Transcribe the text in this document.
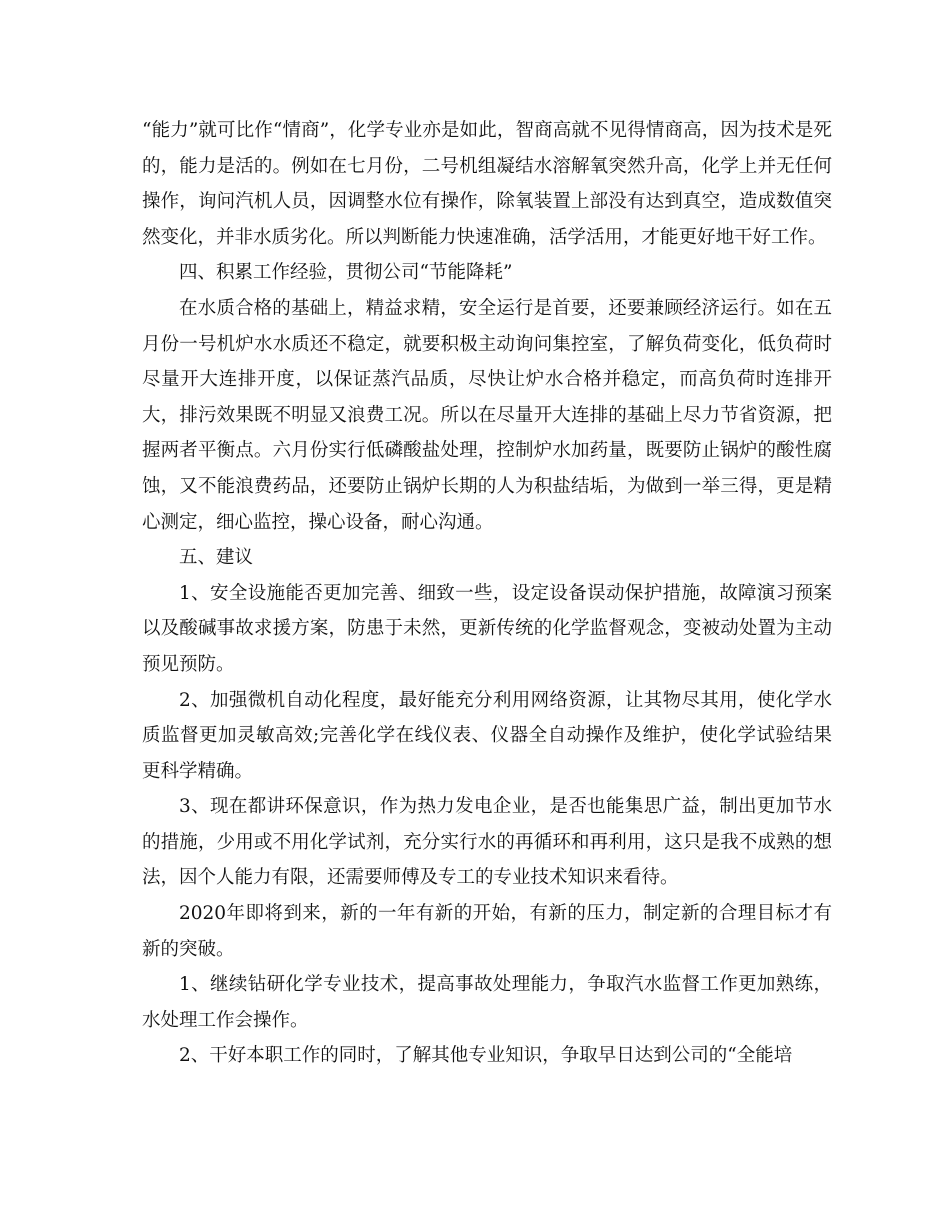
“能力”就可比作“情商”，化学专业亦是如此，智商高就不见得情商高，因为技术是死的，能力是活的。例如在七月份，二号机组凝结水溶解氧突然升高，化学上并无任何操作，询问汽机人员，因调整水位有操作，除氧装置上部没有达到真空，造成数值突然变化，并非水质劣化。所以判断能力快速准确，活学活用，才能更好地干好工作。

四、积累工作经验，贯彻公司“节能降耗”

在水质合格的基础上，精益求精，安全运行是首要，还要兼顾经济运行。如在五月份一号机炉水水质还不稳定，就要积极主动询问集控室，了解负荷变化，低负荷时尽量开大连排开度，以保证蒸汽品质，尽快让炉水合格并稳定，而高负荷时连排开大，排污效果既不明显又浪费工况。所以在尽量开大连排的基础上尽力节省资源，把握两者平衡点。六月份实行低磷酸盐处理，控制炉水加药量，既要防止锅炉的酸性腐蚀，又不能浪费药品，还要防止锅炉长期的人为积盐结垢，为做到一举三得，更是精心测定，细心监控，操心设备，耐心沟通。

五、建议

1、安全设施能否更加完善、细致一些，设定设备误动保护措施，故障演习预案以及酸碱事故求援方案，防患于未然，更新传统的化学监督观念，变被动处置为主动预见预防。

2、加强微机自动化程度，最好能充分利用网络资源，让其物尽其用，使化学水质监督更加灵敏高效;完善化学在线仪表、仪器全自动操作及维护，使化学试验结果更科学精确。

3、现在都讲环保意识，作为热力发电企业，是否也能集思广益，制出更加节水的措施，少用或不用化学试剂，充分实行水的再循环和再利用，这只是我不成熟的想法，因个人能力有限，还需要师傅及专工的专业技术知识来看待。

2020年即将到来，新的一年有新的开始，有新的压力，制定新的合理目标才有新的突破。

1、继续钻研化学专业技术，提高事故处理能力，争取汽水监督工作更加熟练，水处理工作会操作。

2、干好本职工作的同时，了解其他专业知识，争取早日达到公司的“全能培
